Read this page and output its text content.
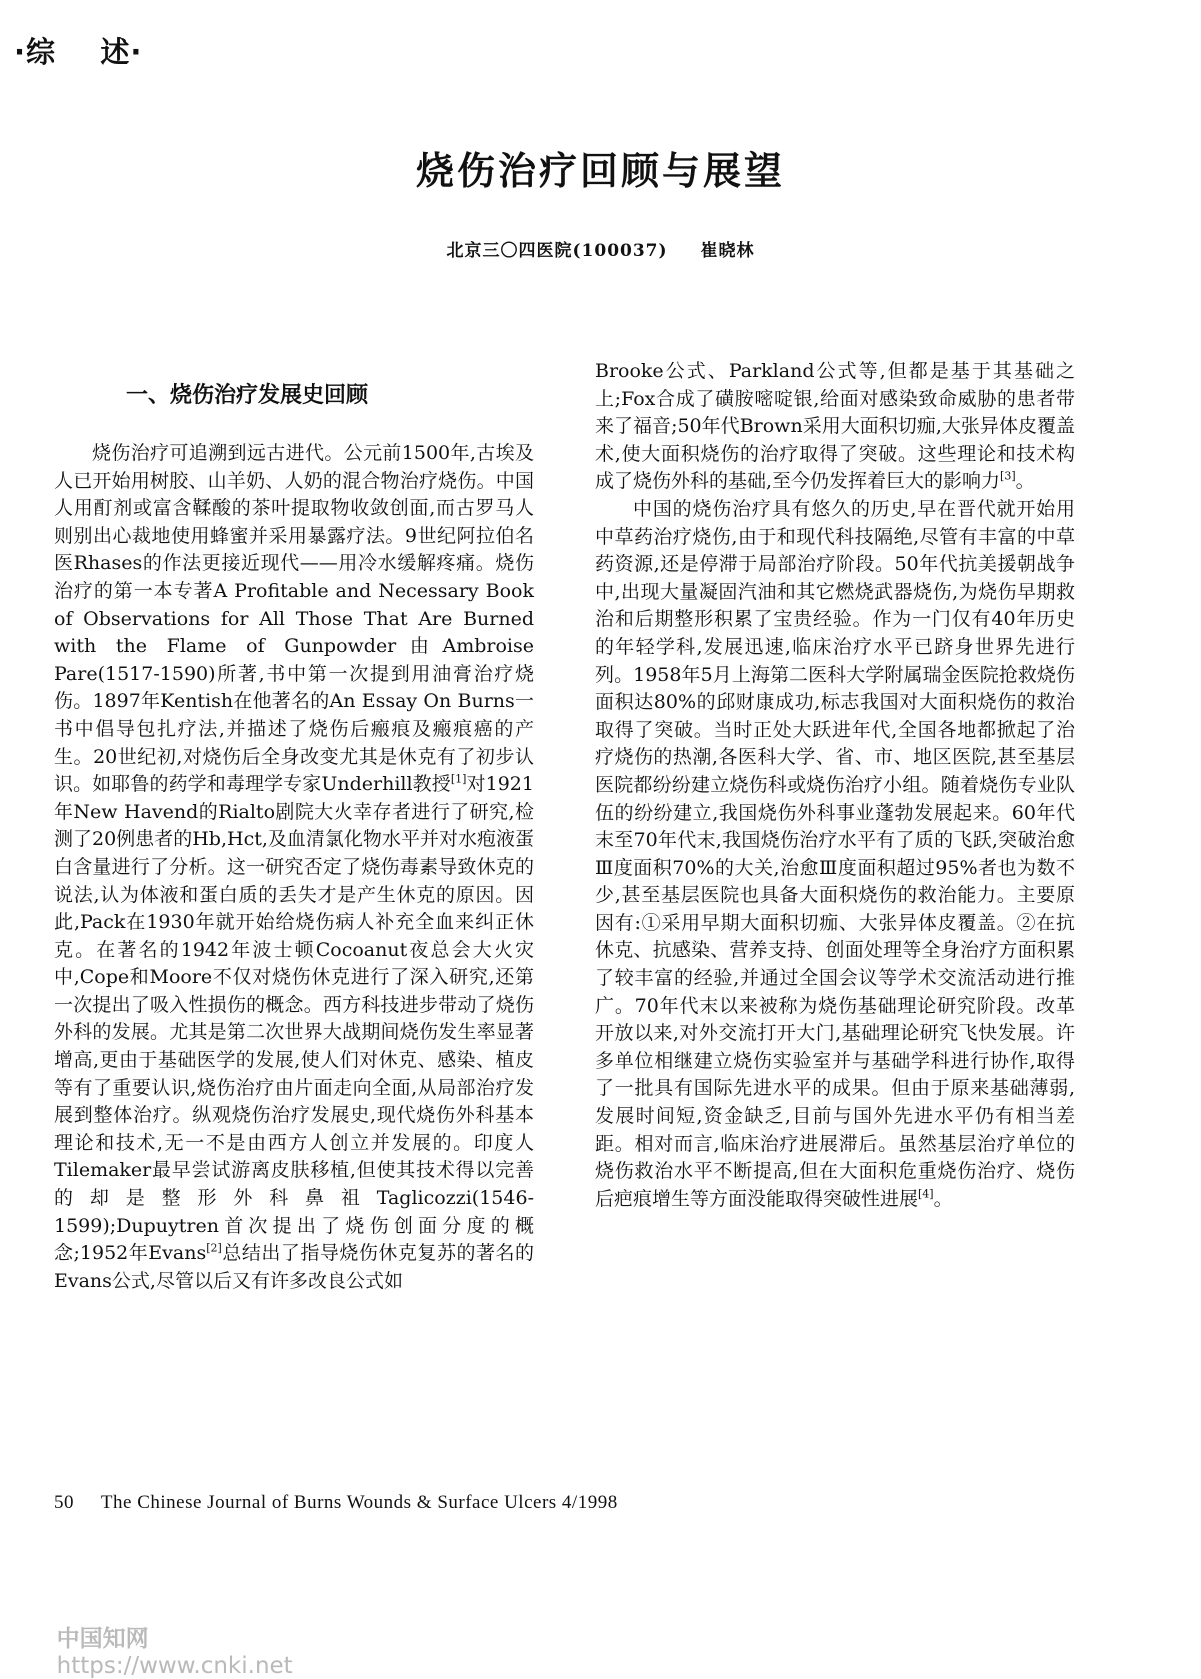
·综    述·
烧伤治疗回顾与展望
北京三〇四医院(100037) 崔晓林
一、烧伤治疗发展史回顾

烧伤治疗可追溯到远古进代。公元前1500年,古埃及人已开始用树胶、山羊奶、人奶的混合物治疗烧伤。中国人用酊剂或富含鞣酸的茶叶提取物收敛创面,而古罗马人则别出心裁地使用蜂蜜并采用暴露疗法。9世纪阿拉伯名医Rhases的作法更接近现代——用冷水缓解疼痛。烧伤治疗的第一本专著A Profitable and Necessary Book of Observations for All Those That Are Burned with the Flame of Gunpowder由Ambroise Pare(1517-1590)所著,书中第一次提到用油膏治疗烧伤。1897年Kentish在他著名的An Essay On Burns一书中倡导包扎疗法,并描述了烧伤后瘢痕及瘢痕癌的产生。20世纪初,对烧伤后全身改变尤其是休克有了初步认识。如耶鲁的药学和毒理学专家Underhill教授[1]对1921年New Havend的Rialto剧院大火幸存者进行了研究,检测了20例患者的Hb,Hct,及血清氯化物水平并对水疱液蛋白含量进行了分析。这一研究否定了烧伤毒素导致休克的说法,认为体液和蛋白质的丢失才是产生休克的原因。因此,Pack在1930年就开始给烧伤病人补充全血来纠正休克。在著名的1942年波士顿Cocoanut夜总会大火灾中,Cope和Moore不仅对烧伤休克进行了深入研究,还第一次提出了吸入性损伤的概念。西方科技进步带动了烧伤外科的发展。尤其是第二次世界大战期间烧伤发生率显著增高,更由于基础医学的发展,使人们对休克、感染、植皮等有了重要认识,烧伤治疗由片面走向全面,从局部治疗发展到整体治疗。纵观烧伤治疗发展史,现代烧伤外科基本理论和技术,无一不是由西方人创立并发展的。印度人Tilemaker最早尝试游离皮肤移植,但使其技术得以完善的却是整形外科鼻祖Taglicozzi(1546-1599);Dupuytren首次提出了烧伤创面分度的概念;1952年Evans[2]总结出了指导烧伤休克复苏的著名的Evans公式,尽管以后又有许多改良公式如

Brooke公式、Parkland公式等,但都是基于其基础之上;Fox合成了磺胺嘧啶银,给面对感染致命威胁的患者带来了福音;50年代Brown采用大面积切痂,大张异体皮覆盖术,使大面积烧伤的治疗取得了突破。这些理论和技术构成了烧伤外科的基础,至今仍发挥着巨大的影响力[3]。

中国的烧伤治疗具有悠久的历史,早在晋代就开始用中草药治疗烧伤,由于和现代科技隔绝,尽管有丰富的中草药资源,还是停滞于局部治疗阶段。50年代抗美援朝战争中,出现大量凝固汽油和其它燃烧武器烧伤,为烧伤早期救治和后期整形积累了宝贵经验。作为一门仅有40年历史的年轻学科,发展迅速,临床治疗水平已跻身世界先进行列。1958年5月上海第二医科大学附属瑞金医院抢救烧伤面积达80%的邱财康成功,标志我国对大面积烧伤的救治取得了突破。当时正处大跃进年代,全国各地都掀起了治疗烧伤的热潮,各医科大学、省、市、地区医院,甚至基层医院都纷纷建立烧伤科或烧伤治疗小组。随着烧伤专业队伍的纷纷建立,我国烧伤外科事业蓬勃发展起来。60年代末至70年代末,我国烧伤治疗水平有了质的飞跃,突破治愈Ⅲ度面积70%的大关,治愈Ⅲ度面积超过95%者也为数不少,甚至基层医院也具备大面积烧伤的救治能力。主要原因有:①采用早期大面积切痂、大张异体皮覆盖。②在抗休克、抗感染、营养支持、创面处理等全身治疗方面积累了较丰富的经验,并通过全国会议等学术交流活动进行推广。70年代末以来被称为烧伤基础理论研究阶段。改革开放以来,对外交流打开大门,基础理论研究飞快发展。许多单位相继建立烧伤实验室并与基础学科进行协作,取得了一批具有国际先进水平的成果。但由于原来基础薄弱,发展时间短,资金缺乏,目前与国外先进水平仍有相当差距。相对而言,临床治疗进展滞后。虽然基层治疗单位的烧伤救治水平不断提高,但在大面积危重烧伤治疗、烧伤后疤痕增生等方面没能取得突破性进展[4]。

50 The Chinese Journal of Burns Wounds & Surface Ulcers 4/1998

中国知网
https://www.cnki.net
